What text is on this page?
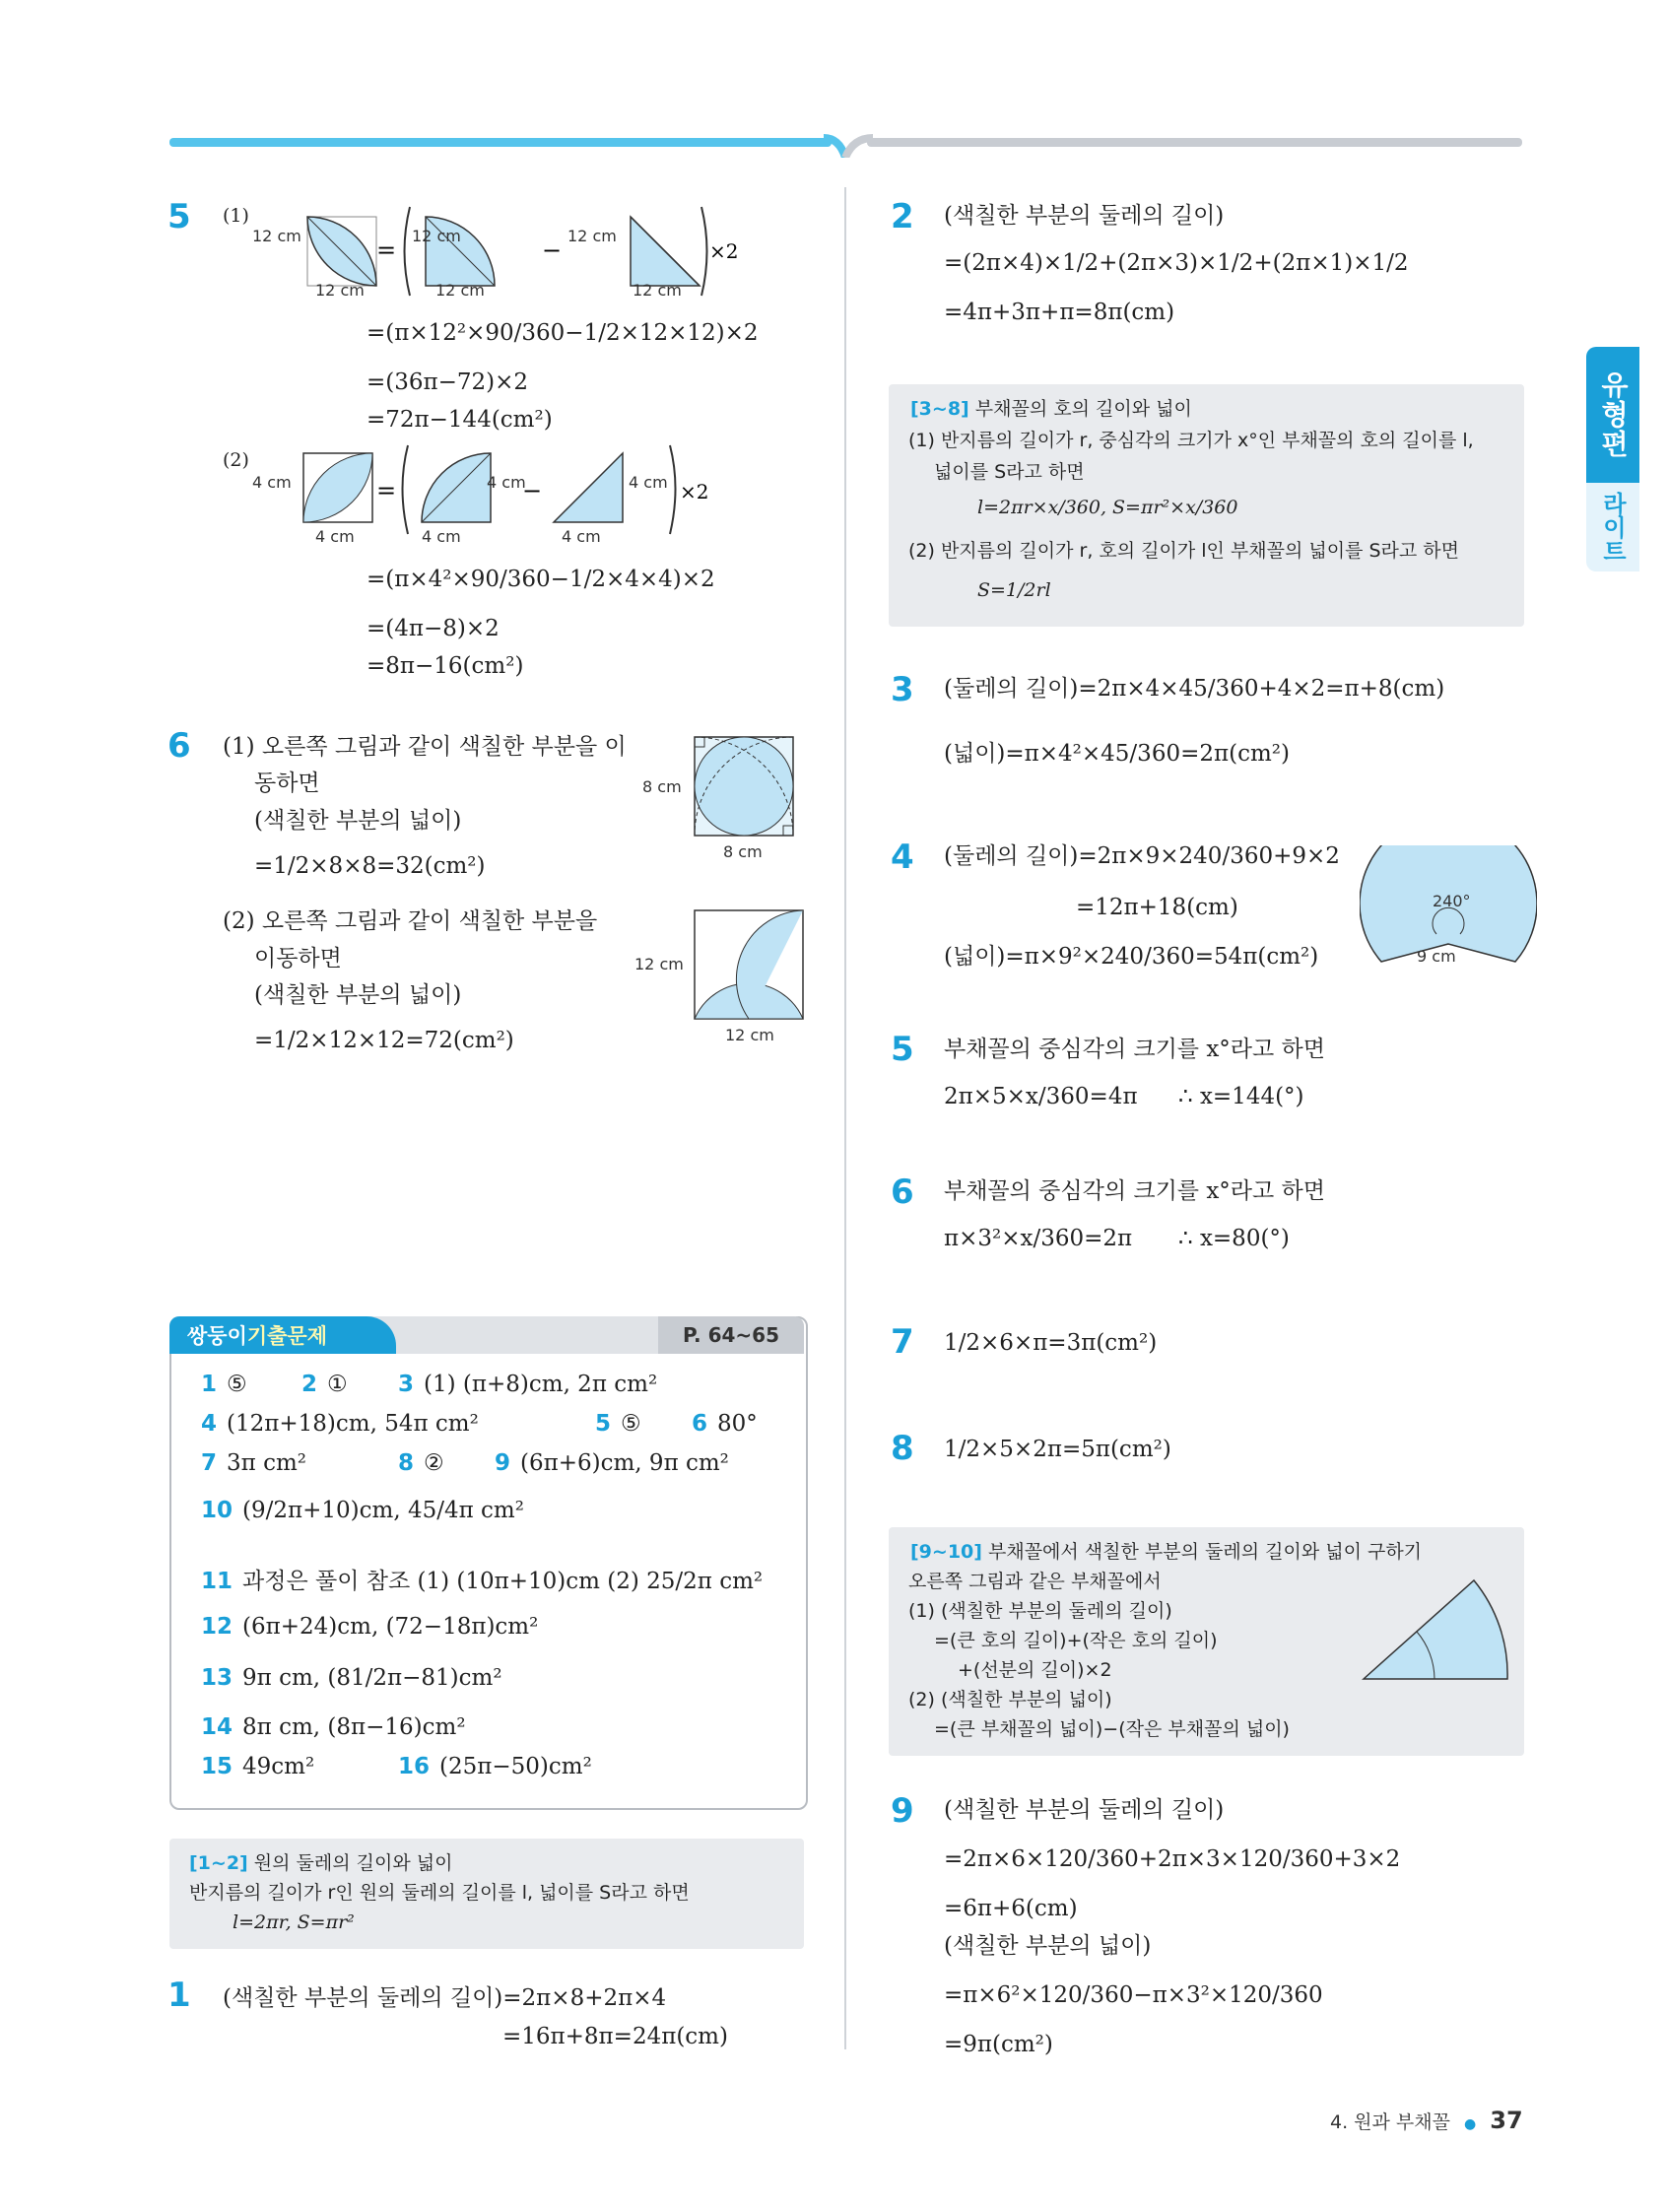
유형편
라이트
5 (1)
12 cm
12 cm
=
12 cm
12 cm
−
12 cm
12 cm
×2
=(π×12²×90/360−1/2×12×12)×2
=(36π−72)×2
=72π−144(cm²)
(2)
4 cm
4 cm
=	4 cm
4 cm
−	4 cm
4 cm
×2
=(π×4²×90/360−1/2×4×4)×2
=(4π−8)×2
=8π−16(cm²)
6 (1) 오른쪽 그림과 같이 색칠한 부분을 이
동하면
(색칠한 부분의 넓이)
=1/2×8×8=32(cm²)
(2) 오른쪽 그림과 같이 색칠한 부분을
이동하면
(색칠한 부분의 넓이)
=1/2×12×12=72(cm²)
8 cm
8 cm
12 cm
12 cm
쌍둥이 기출문제	P. 64~65
1 ⑤ 2 ① 3 (1) (π+8)cm, 2π cm²
4 (12π+18)cm, 54π cm²	5 ⑤ 6 80°
7 3π cm²	8 ② 9 (6π+6)cm, 9π cm²
10 (9/2π+10)cm, 45/4π cm²
11 과정은 풀이 참조 (1) (10π+10)cm (2) 25/2π cm²
12 (6π+24)cm, (72−18π)cm²
13 9π cm, (81/2π−81)cm²
14 8π cm, (8π−16)cm²
15 49cm²	16 (25π−50)cm²
[1~2] 원의 둘레의 길이와 넓이
반지름의 길이가 r인 원의 둘레의 길이를 l, 넓이를 S라고 하면
l=2πr, S=πr²
1 (색칠한 부분의 둘레의 길이)=2π×8+2π×4
=16π+8π=24π(cm)
2 (색칠한 부분의 둘레의 길이)
=(2π×4)×1/2+(2π×3)×1/2+(2π×1)×1/2
=4π+3π+π=8π(cm)
[3~8] 부채꼴의 호의 길이와 넓이
(1) 반지름의 길이가 r, 중심각의 크기가 x°인 부채꼴의 호의 길이를 l,
넓이를 S라고 하면
l=2πr×x/360, S=πr²×x/360
(2) 반지름의 길이가 r, 호의 길이가 l인 부채꼴의 넓이를 S라고 하면
S=1/2rl
3 (둘레의 길이)=2π×4×45/360+4×2=π+8(cm)
(넓이)=π×4²×45/360=2π(cm²)
4 (둘레의 길이)=2π×9×240/360+9×2
=12π+18(cm)
(넓이)=π×9²×240/360=54π(cm²)
240°
9 cm
5 부채꼴의 중심각의 크기를 x°라고 하면
2π×5×x/360=4π ∴ x=144(°)
6 부채꼴의 중심각의 크기를 x°라고 하면
π×3²×x/360=2π ∴ x=80(°)
7 1/2×6×π=3π(cm²)
8 1/2×5×2π=5π(cm²)
[9~10] 부채꼴에서 색칠한 부분의 둘레의 길이와 넓이 구하기
오른쪽 그림과 같은 부채꼴에서
(1) (색칠한 부분의 둘레의 길이)
=(큰 호의 길이)+(작은 호의 길이)
+(선분의 길이)×2
(2) (색칠한 부분의 넓이)
=(큰 부채꼴의 넓이)−(작은 부채꼴의 넓이)
9 (색칠한 부분의 둘레의 길이)
=2π×6×120/360+2π×3×120/360+3×2
=6π+6(cm)
(색칠한 부분의 넓이)
=π×6²×120/360−π×3²×120/360
=9π(cm²)
4. 원과 부채꼴 ● 37
